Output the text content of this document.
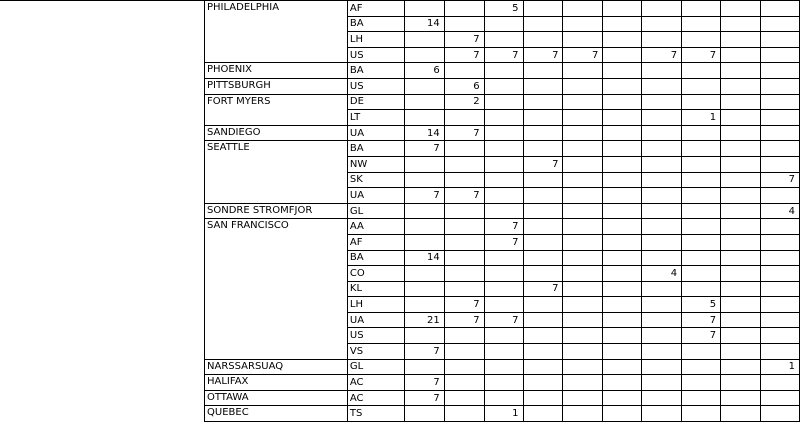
PHILADELPHIA	AF			5							
	BA	14									
	LH		7								
	US		7	7	7	7		7	7		
PHOENIX	BA	6									
PITTSBURGH	US		6								
FORT MYERS	DE		2								
	LT								1		
SANDIEGO	UA	14	7								
SEATTLE	BA	7									
	NW				7						
	SK										7
	UA	7	7								
SONDRE STROMFJOR	GL										4
SAN FRANCISCO	AA			7							
	AF			7							
	BA	14									
	CO							4			
	KL				7						
	LH		7						5		
	UA	21	7	7					7		
	US								7		
	VS	7									
NARSSARSUAQ	GL										1
HALIFAX	AC	7									
OTTAWA	AC	7									
QUEBEC	TS			1							
